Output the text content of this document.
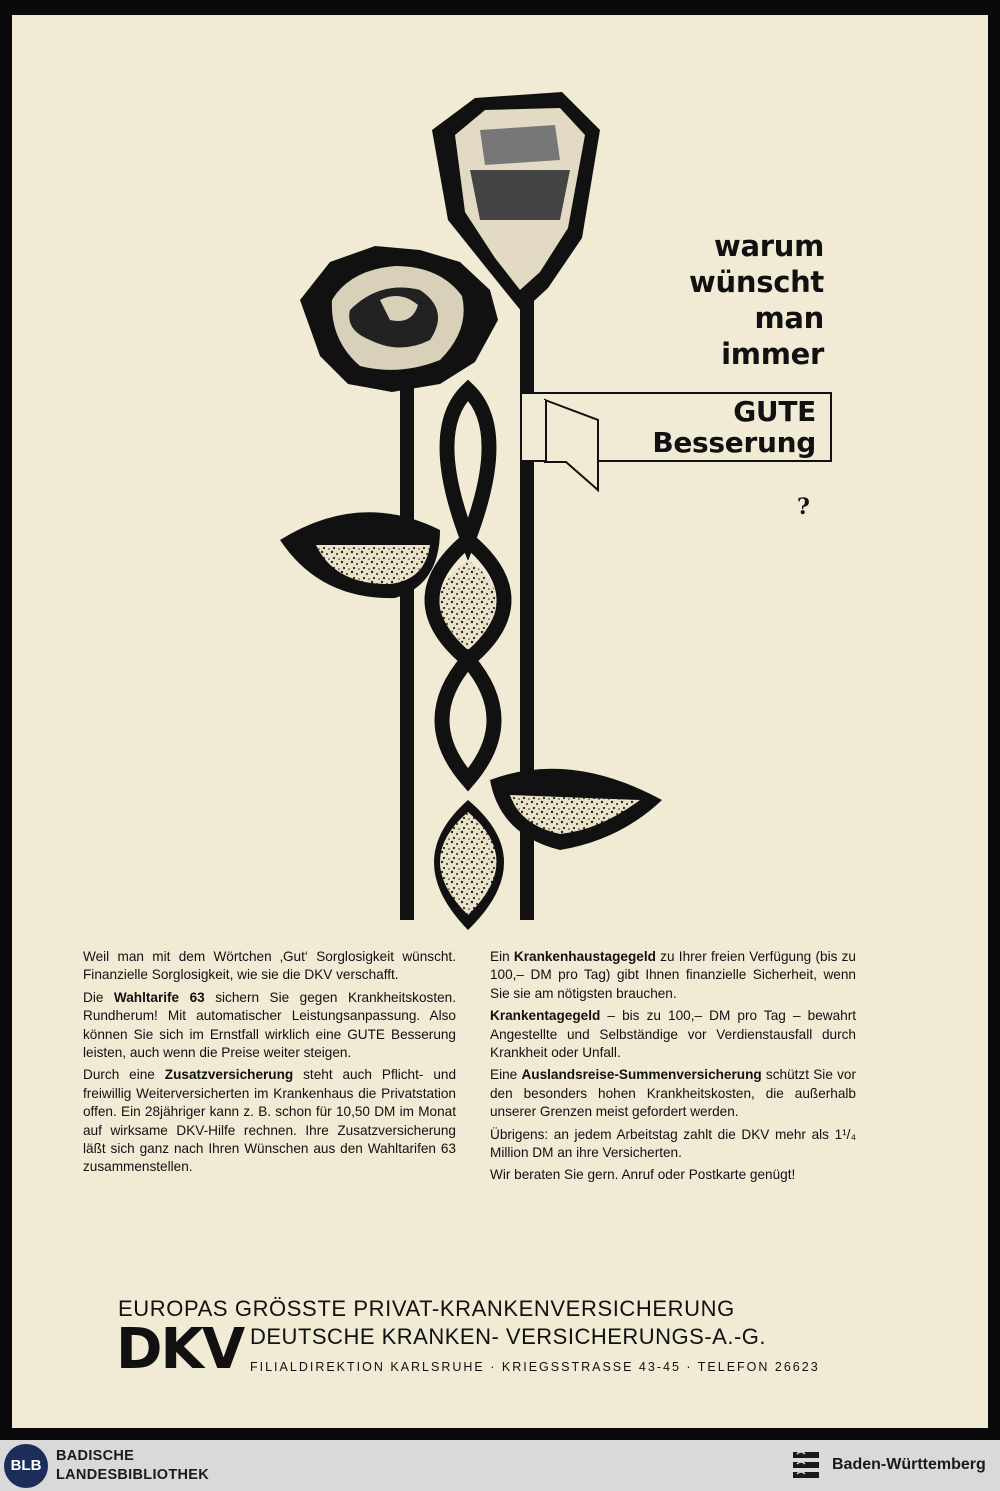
warum
wünscht
man
immer
GUTE
Besserung
?

Weil man mit dem Wörtchen ‚Gut‘ Sorglosigkeit wünscht. Finanzielle Sorglosigkeit, wie sie die DKV verschafft.

Die Wahltarife 63 sichern Sie gegen Krankheitskosten. Rundherum! Mit automatischer Leistungsanpassung. Also können Sie sich im Ernstfall wirklich eine GUTE Besserung leisten, auch wenn die Preise weiter steigen.

Durch eine Zusatzversicherung steht auch Pflicht- und freiwillig Weiterversicherten im Krankenhaus die Privatstation offen. Ein 28jähriger kann z. B. schon für 10,50 DM im Monat auf wirksame DKV-Hilfe rechnen. Ihre Zusatzversicherung läßt sich ganz nach Ihren Wünschen aus den Wahltarifen 63 zusammenstellen.

Ein Krankenhaustagegeld zu Ihrer freien Verfügung (bis zu 100,– DM pro Tag) gibt Ihnen finanzielle Sicherheit, wenn Sie sie am nötigsten brauchen.

Krankentagegeld – bis zu 100,– DM pro Tag – bewahrt Angestellte und Selbständige vor Verdienstausfall durch Krankheit oder Unfall.

Eine Auslandsreise-Summenversicherung schützt Sie vor den besonders hohen Krankheitskosten, die außerhalb unserer Grenzen meist gefordert werden.

Übrigens: an jedem Arbeitstag zahlt die DKV mehr als 1¹/₄ Million DM an ihre Versicherten.

Wir beraten Sie gern. Anruf oder Postkarte genügt!

EUROPAS GRÖSSTE PRIVAT-KRANKENVERSICHERUNG
DKV DEUTSCHE KRANKEN- VERSICHERUNGS-A.-G.
FILIALDIREKTION KARLSRUHE · KRIEGSSTRASSE 43-45 · TELEFON 26623
BLB
BADISCHE
LANDESBIBLIOTHEK
Baden-Württemberg
